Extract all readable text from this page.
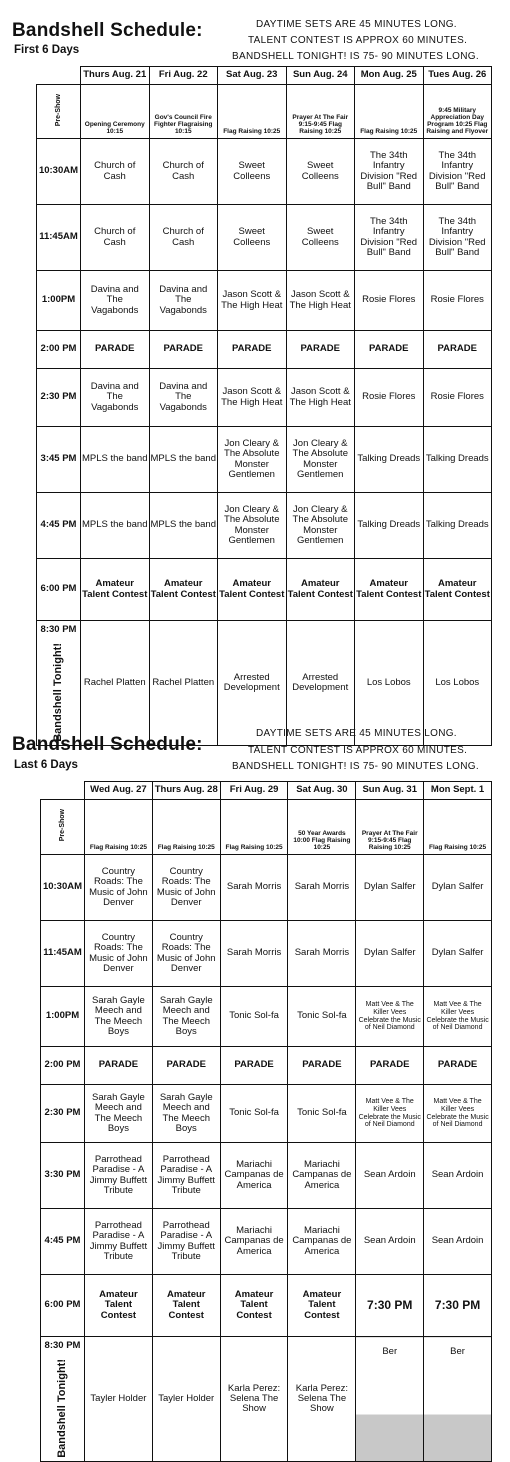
Bandshell Schedule:
First 6 Days
DAYTIME SETS ARE 45 MINUTES LONG.
TALENT CONTEST IS APPROX 60 MINUTES.
BANDSHELL TONIGHT! IS 75- 90 MINUTES LONG.
	Thurs Aug. 21	Fri Aug. 22	Sat Aug. 23	Sun Aug. 24	Mon Aug. 25	Tues Aug. 26
Pre-Show	Opening Ceremony 10:15	Gov's Council Fire Fighter Flagraising 10:15	Flag Raising 10:25	Prayer At The Fair 9:15-9:45 Flag Raising 10:25	Flag Raising 10:25	9:45 Military Appreciation Day Program 10:25 Flag Raising and Flyover
10:30AM	Church of Cash	Church of Cash	Sweet Colleens	Sweet Colleens	The 34th Infantry Division "Red Bull" Band	The 34th Infantry Division "Red Bull" Band
11:45AM	Church of Cash	Church of Cash	Sweet Colleens	Sweet Colleens	The 34th Infantry Division "Red Bull" Band	The 34th Infantry Division "Red Bull" Band
1:00PM	Davina and The Vagabonds	Davina and The Vagabonds	Jason Scott & The High Heat	Jason Scott & The High Heat	Rosie Flores	Rosie Flores
2:00 PM	PARADE	PARADE	PARADE	PARADE	PARADE	PARADE
2:30 PM	Davina and The Vagabonds	Davina and The Vagabonds	Jason Scott & The High Heat	Jason Scott & The High Heat	Rosie Flores	Rosie Flores
3:45 PM	MPLS the band	MPLS the band	Jon Cleary & The Absolute Monster Gentlemen	Jon Cleary & The Absolute Monster Gentlemen	Talking Dreads	Talking Dreads
4:45 PM	MPLS the band	MPLS the band	Jon Cleary & The Absolute Monster Gentlemen	Jon Cleary & The Absolute Monster Gentlemen	Talking Dreads	Talking Dreads
6:00 PM	Amateur Talent Contest	Amateur Talent Contest	Amateur Talent Contest	Amateur Talent Contest	Amateur Talent Contest	Amateur Talent Contest

8:30 PM
Bandshell Tonight!	Rachel Platten	Rachel Platten	Arrested Development	Arrested Development	Los Lobos	Los Lobos
Bandshell Schedule:
Last 6 Days
DAYTIME SETS ARE 45 MINUTES LONG.
TALENT CONTEST IS APPROX 60 MINUTES.
BANDSHELL TONIGHT! IS 75- 90 MINUTES LONG.
	Wed Aug. 27	Thurs Aug. 28	Fri Aug. 29	Sat Aug. 30	Sun Aug. 31	Mon Sept. 1
Pre-Show	Flag Raising 10:25	Flag Raising 10:25	Flag Raising 10:25	50 Year Awards 10:00 Flag Raising 10:25	Prayer At The Fair 9:15-9:45 Flag Raising 10:25	Flag Raising 10:25
10:30AM	Country Roads: The Music of John Denver	Country Roads: The Music of John Denver	Sarah Morris	Sarah Morris	Dylan Salfer	Dylan Salfer
11:45AM	Country Roads: The Music of John Denver	Country Roads: The Music of John Denver	Sarah Morris	Sarah Morris	Dylan Salfer	Dylan Salfer
1:00PM	Sarah Gayle Meech and The Meech Boys	Sarah Gayle Meech and The Meech Boys	Tonic Sol-fa	Tonic Sol-fa	Matt Vee & The Killer Vees Celebrate the Music of Neil Diamond	Matt Vee & The Killer Vees Celebrate the Music of Neil Diamond
2:00 PM	PARADE	PARADE	PARADE	PARADE	PARADE	PARADE
2:30 PM	Sarah Gayle Meech and The Meech Boys	Sarah Gayle Meech and The Meech Boys	Tonic Sol-fa	Tonic Sol-fa	Matt Vee & The Killer Vees Celebrate the Music of Neil Diamond	Matt Vee & The Killer Vees Celebrate the Music of Neil Diamond
3:30 PM	Parrothead Paradise - A Jimmy Buffett Tribute	Parrothead Paradise - A Jimmy Buffett Tribute	Mariachi Campanas de America	Mariachi Campanas de America	Sean Ardoin	Sean Ardoin
4:45 PM	Parrothead Paradise - A Jimmy Buffett Tribute	Parrothead Paradise - A Jimmy Buffett Tribute	Mariachi Campanas de America	Mariachi Campanas de America	Sean Ardoin	Sean Ardoin
6:00 PM	Amateur Talent Contest	Amateur Talent Contest	Amateur Talent Contest	Amateur Talent Contest	7:30 PM	7:30 PM

8:30 PM
Bandshell Tonight!	Tayler Holder	Tayler Holder	Karla Perez: Selena The Show	Karla Perez: Selena The Show	Ber	Ber
